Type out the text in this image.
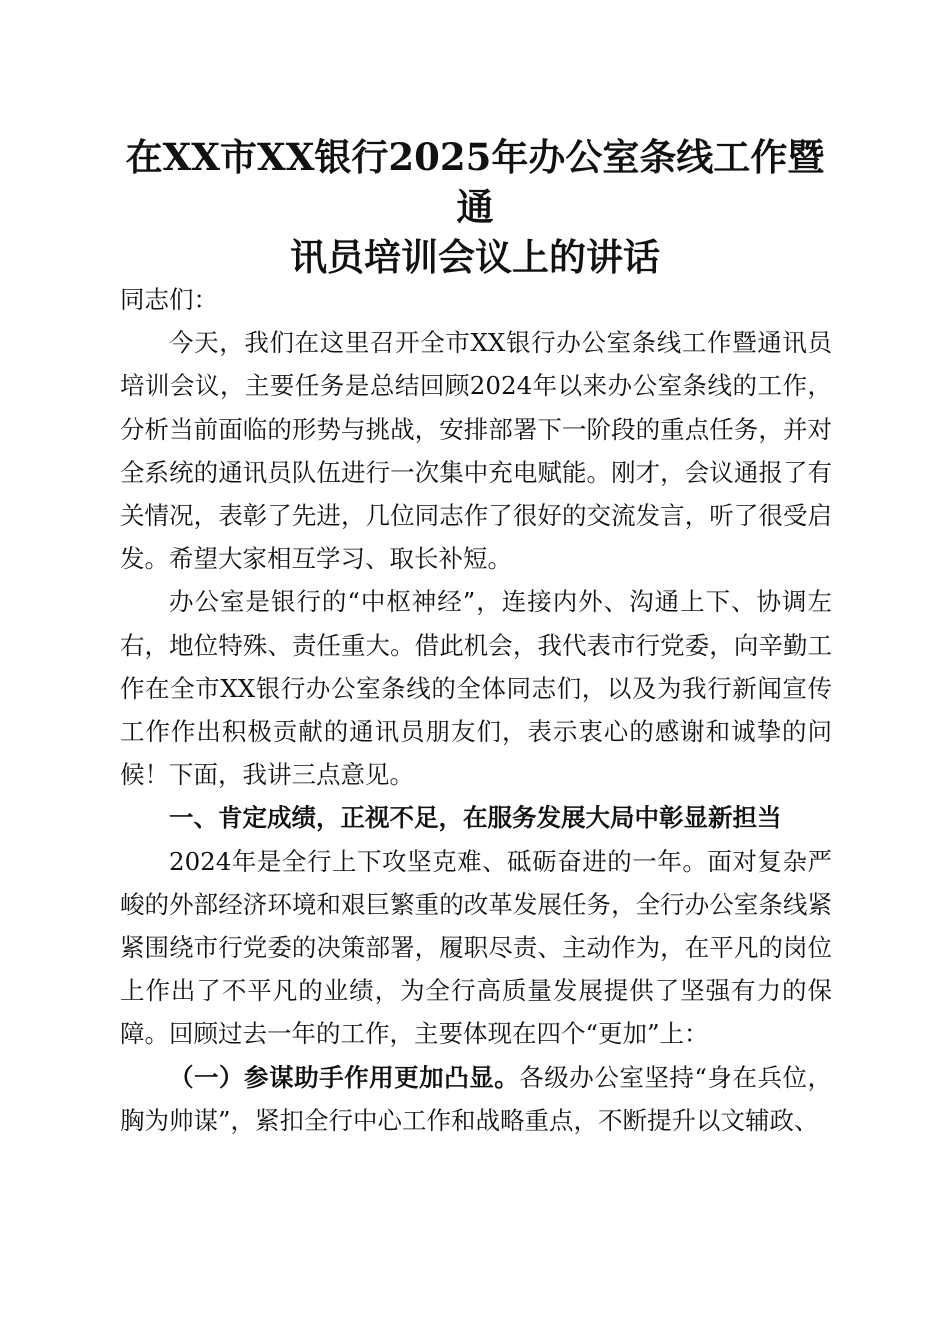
在XX市XX银行2025年办公室条线工作暨通
讯员培训会议上的讲话

同志们：

今天，我们在这里召开全市XX银行办公室条线工作暨通讯员培训会议，主要任务是总结回顾2024年以来办公室条线的工作，分析当前面临的形势与挑战，安排部署下一阶段的重点任务，并对全系统的通讯员队伍进行一次集中充电赋能。刚才，会议通报了有关情况，表彰了先进，几位同志作了很好的交流发言，听了很受启发。希望大家相互学习、取长补短。

办公室是银行的“中枢神经”，连接内外、沟通上下、协调左右，地位特殊、责任重大。借此机会，我代表市行党委，向辛勤工作在全市XX银行办公室条线的全体同志们，以及为我行新闻宣传工作作出积极贡献的通讯员朋友们，表示衷心的感谢和诚挚的问候！下面，我讲三点意见。

一、肯定成绩，正视不足，在服务发展大局中彰显新担当

2024年是全行上下攻坚克难、砥砺奋进的一年。面对复杂严峻的外部经济环境和艰巨繁重的改革发展任务，全行办公室条线紧紧围绕市行党委的决策部署，履职尽责、主动作为，在平凡的岗位上作出了不平凡的业绩，为全行高质量发展提供了坚强有力的保障。回顾过去一年的工作，主要体现在四个“更加”上：

（一）参谋助手作用更加凸显。各级办公室坚持“身在兵位，胸为帅谋”，紧扣全行中心工作和战略重点，不断提升以文辅政、
